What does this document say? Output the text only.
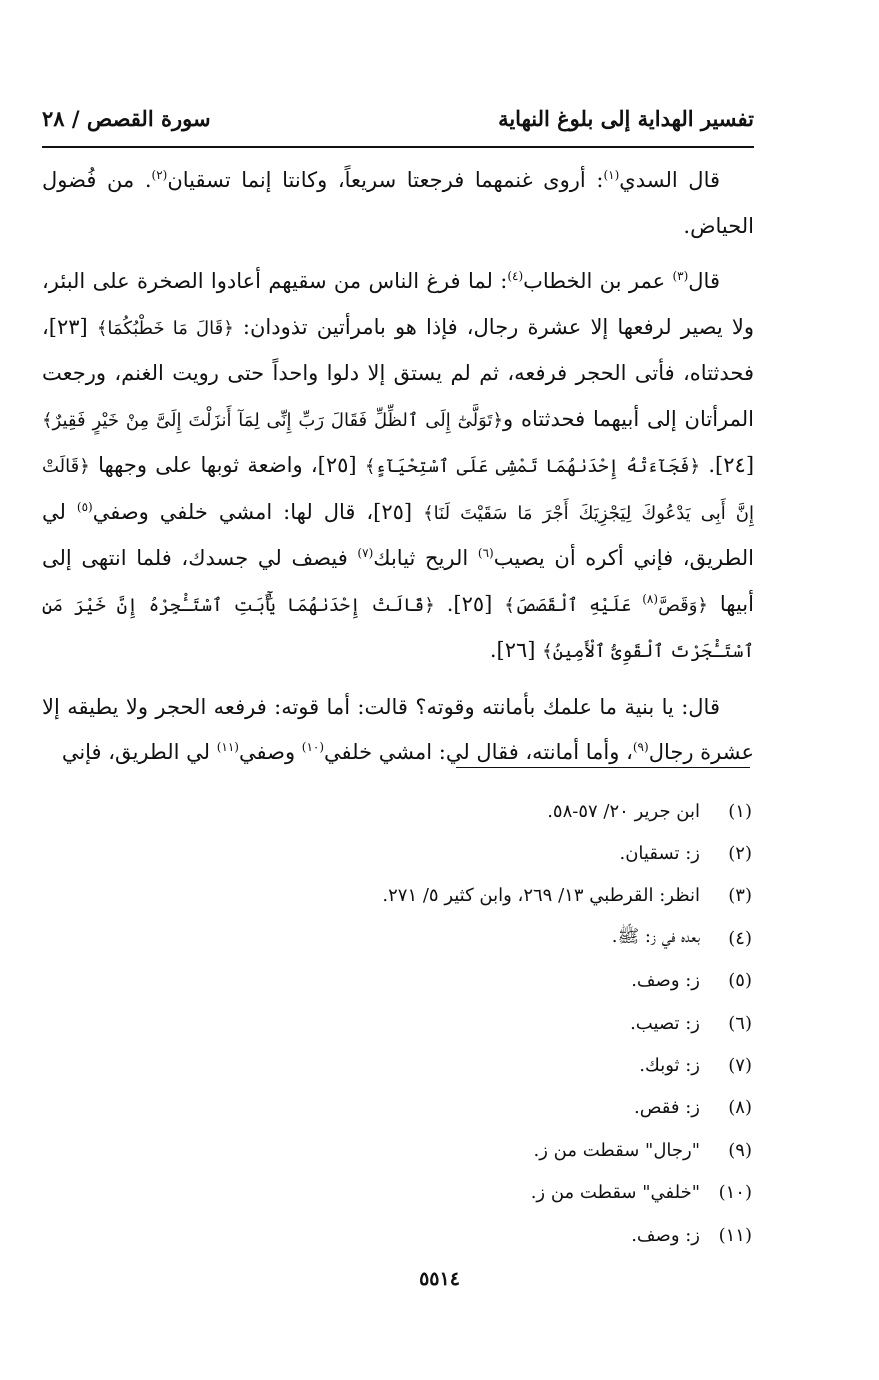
تفسير الهداية إلى بلوغ النهاية
سورة القصص / ٢٨

قال السدي$^{(١)}$: أروى غنمهما فرجعتا سريعاً، وكانتا إنما تسقيان$^{(٢)}$. من فُضول الحياض.

قال$^{(٣)}$ عمر بن الخطاب$^{(٤)}$: لما فرغ الناس من سقيهم أعادوا الصخرة على البئر، ولا يصير لرفعها إلا عشرة رجال، فإذا هو بامرأتين تذودان: ﴿قَالَ مَا خَطْبُكُمَا﴾ [٢٣]، فحدثتاه، فأتى الحجر فرفعه، ثم لم يستق إلا دلوا واحداً حتى رويت الغنم، ورجعت المرأتان إلى أبيهما فحدثتاه و﴿تَوَلَّىٰٓ إِلَى ٱلظِّلِّ فَقَالَ رَبِّ إِنِّى لِمَآ أَنزَلْتَ إِلَىَّ مِنْ خَيْرٍ فَقِيرٌ﴾ [٢٤]. ﴿فَجَآءَتْهُ إِحْدَىٰهُمَا تَمْشِى عَلَى ٱسْتِحْيَآءٍ﴾ [٢٥]، واضعة ثوبها على وجهها ﴿قَالَتْ إِنَّ أَبِى يَدْعُوكَ لِيَجْزِيَكَ أَجْرَ مَا سَقَيْتَ لَنَا﴾ [٢٥]، قال لها: امشي خلفي وصفي$^{(٥)}$ لي الطريق، فإني أكره أن يصيب$^{(٦)}$ الريح ثيابك$^{(٧)}$ فيصف لي جسدك، فلما انتهى إلى أبيها ﴿وَقَصَّ$^{(٨)}$ عَلَيْهِ ٱلْقَصَصَ﴾ [٢٥]. ﴿قَالَتْ إِحْدَىٰهُمَا يَٰٓأَبَتِ ٱسْتَـْٔجِرْهُ إِنَّ خَيْرَ مَنِ ٱسْتَـْٔجَرْتَ ٱلْقَوِىُّ ٱلْأَمِينُ﴾ [٢٦].

قال: يا بنية ما علمك بأمانته وقوته؟ قالت: أما قوته: فرفعه الحجر ولا يطيقه إلا عشرة رجال$^{(٩)}$، وأما أمانته، فقال لي: امشي خلفي$^{(١٠)}$ وصفي$^{(١١)}$ لي الطريق، فإني

(١)
ابن جرير ٢٠/ ٥٧-٥٨.
(٢)
ز: تسقيان.
(٣)
انظر: القرطبي ١٣/ ٢٦٩، وابن كثير ٥/ ٢٧١.
(٤)
بعده في ز: ﷺ.
(٥)
ز: وصف.
(٦)
ز: تصيب.
(٧)
ز: ثوبك.
(٨)
ز: فقص.
(٩)
"رجال" سقطت من ز.
(١٠)
"خلفي" سقطت من ز.
(١١)
ز: وصف.
٥٥١٤
